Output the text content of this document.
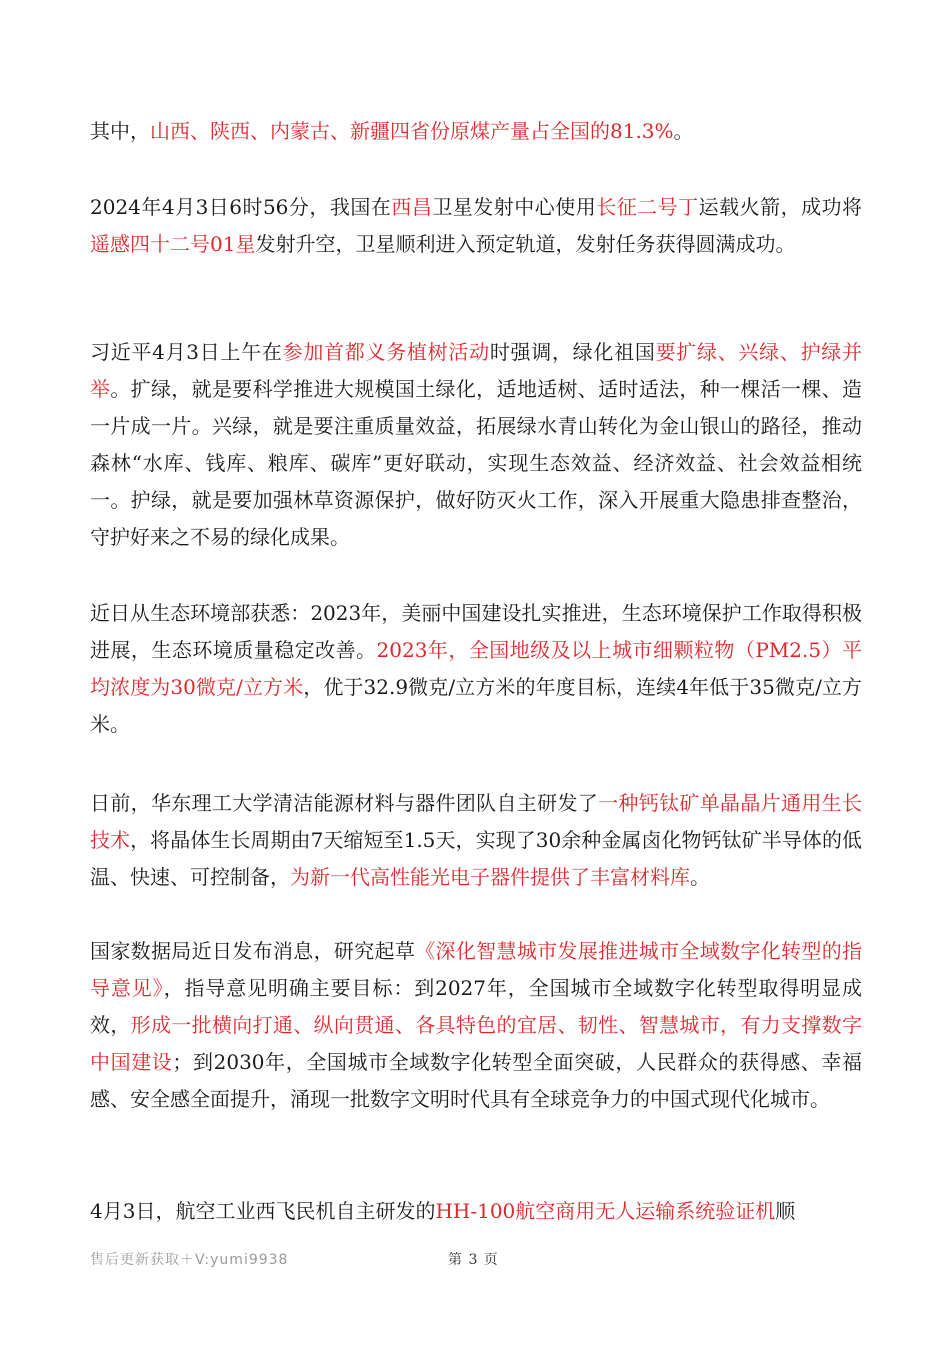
其中，山西、陕西、内蒙古、新疆四省份原煤产量占全国的81.3%。

2024年4月3日6时56分，我国在西昌卫星发射中心使用长征二号丁运载火箭，成功将遥感四十二号01星发射升空，卫星顺利进入预定轨道，发射任务获得圆满成功。

习近平4月3日上午在参加首都义务植树活动时强调，绿化祖国要扩绿、兴绿、护绿并举。扩绿，就是要科学推进大规模国土绿化，适地适树、适时适法，种一棵活一棵、造一片成一片。兴绿，就是要注重质量效益，拓展绿水青山转化为金山银山的路径，推动森林“水库、钱库、粮库、碳库”更好联动，实现生态效益、经济效益、社会效益相统一。护绿，就是要加强林草资源保护，做好防灭火工作，深入开展重大隐患排查整治，守护好来之不易的绿化成果。

近日从生态环境部获悉：2023年，美丽中国建设扎实推进，生态环境保护工作取得积极进展，生态环境质量稳定改善。2023年，全国地级及以上城市细颗粒物（PM2.5）平均浓度为30微克/立方米，优于32.9微克/立方米的年度目标，连续4年低于35微克/立方米。

日前，华东理工大学清洁能源材料与器件团队自主研发了一种钙钛矿单晶晶片通用生长技术，将晶体生长周期由7天缩短至1.5天，实现了30余种金属卤化物钙钛矿半导体的低温、快速、可控制备，为新一代高性能光电子器件提供了丰富材料库。

国家数据局近日发布消息，研究起草《深化智慧城市发展推进城市全域数字化转型的指导意见》，指导意见明确主要目标：到2027年，全国城市全域数字化转型取得明显成效，形成一批横向打通、纵向贯通、各具特色的宜居、韧性、智慧城市，有力支撑数字中国建设；到2030年，全国城市全域数字化转型全面突破，人民群众的获得感、幸福感、安全感全面提升，涌现一批数字文明时代具有全球竞争力的中国式现代化城市。

4月3日，航空工业西飞民机自主研发的HH-100航空商用无人运输系统验证机顺

售后更新获取＋V:yumi9938	第 3 页
